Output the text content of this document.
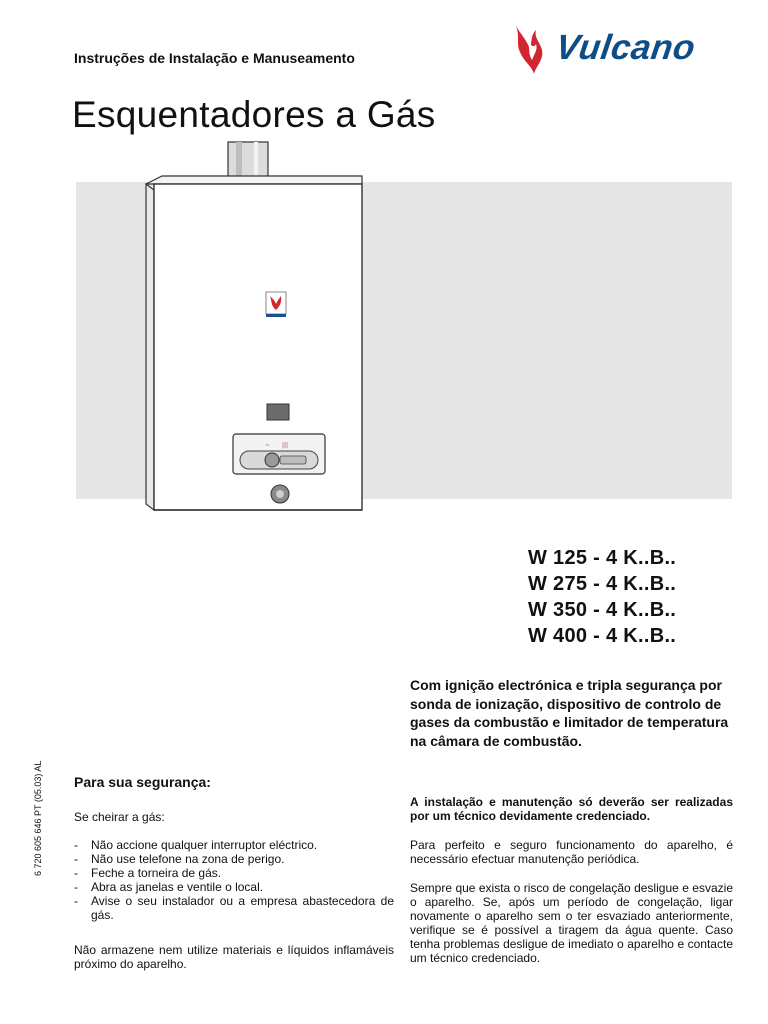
Instruções de Instalação e Manuseamento	Vulcano
Esquentadores a Gás
~ |||
W 125 - 4 K..B..
W 275 - 4 K..B..
W 350 - 4 K..B..
W 400 - 4 K..B..
Com ignição electrónica e tripla segurança por sonda de ionização, dispositivo de controlo de gases da combustão e limitador de temperatura na câmara de combustão.
6 720 605 646 PT (05.03) AL Para sua segurança:
Se cheirar a gás:
- Não accione qualquer interruptor eléctrico.
- Não use telefone na zona de perigo.
- Feche a torneira de gás.
- Abra as janelas e ventile o local.
- Avise o seu instalador ou a empresa abastecedora de gás.
Não armazene nem utilize materiais e líquidos inflamáveis próximo do aparelho.
A instalação e manutenção só deverão ser realizadas por um técnico devidamente credenciado.
Para perfeito e seguro funcionamento do aparelho, é necessário efectuar manutenção periódica.
Sempre que exista o risco de congelação desligue e esvazie o aparelho. Se, após um período de congelação, ligar novamente o aparelho sem o ter esvaziado anteriormente, verifique se é possível a tiragem da água quente. Caso tenha problemas desligue de imediato o aparelho e contacte um técnico credenciado.
